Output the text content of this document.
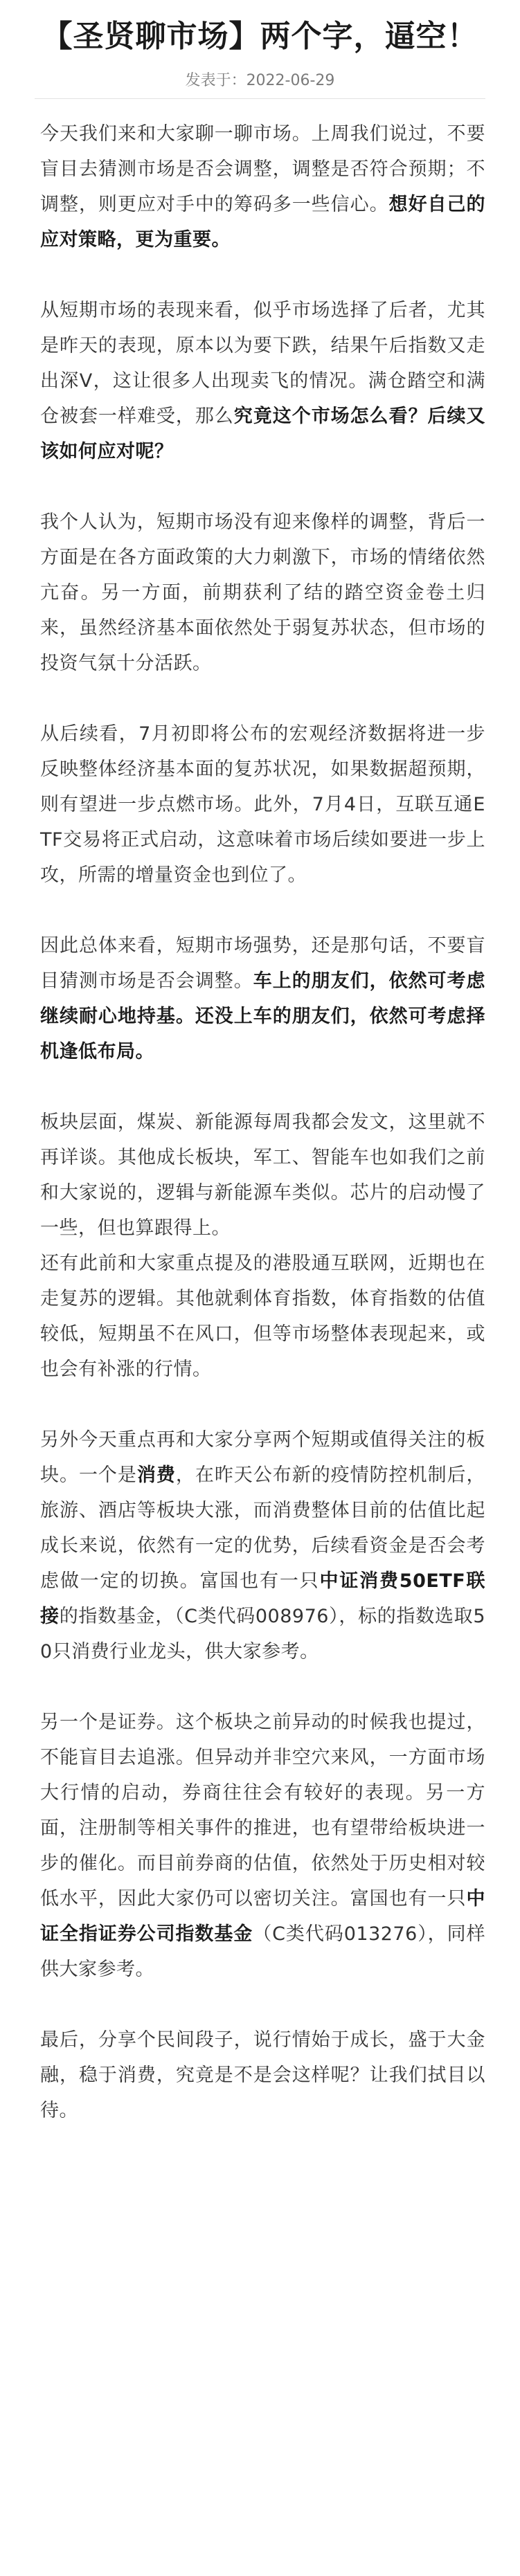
【圣贤聊市场】两个字，逼空！
发表于：2022-06-29

今天我们来和大家聊一聊市场。上周我们说过，不要盲目去猜测市场是否会调整，调整是否符合预期；不调整，则更应对手中的筹码多一些信心。想好自己的应对策略，更为重要。

从短期市场的表现来看，似乎市场选择了后者，尤其是昨天的表现，原本以为要下跌，结果午后指数又走出深V，这让很多人出现卖飞的情况。满仓踏空和满仓被套一样难受，那么究竟这个市场怎么看？后续又该如何应对呢？

我个人认为，短期市场没有迎来像样的调整，背后一方面是在各方面政策的大力刺激下，市场的情绪依然亢奋。另一方面，前期获利了结的踏空资金卷土归来，虽然经济基本面依然处于弱复苏状态，但市场的投资气氛十分活跃。

从后续看，7月初即将公布的宏观经济数据将进一步反映整体经济基本面的复苏状况，如果数据超预期，则有望进一步点燃市场。此外，7月4日，互联互通ETF交易将正式启动，这意味着市场后续如要进一步上攻，所需的增量资金也到位了。

因此总体来看，短期市场强势，还是那句话，不要盲目猜测市场是否会调整。车上的朋友们，依然可考虑继续耐心地持基。还没上车的朋友们，依然可考虑择机逢低布局。

板块层面，煤炭、新能源每周我都会发文，这里就不再详谈。其他成长板块，军工、智能车也如我们之前和大家说的，逻辑与新能源车类似。芯片的启动慢了一些，但也算跟得上。

还有此前和大家重点提及的港股通互联网，近期也在走复苏的逻辑。其他就剩体育指数，体育指数的估值较低，短期虽不在风口，但等市场整体表现起来，或也会有补涨的行情。

另外今天重点再和大家分享两个短期或值得关注的板块。一个是消费，在昨天公布新的疫情防控机制后，旅游、酒店等板块大涨，而消费整体目前的估值比起成长来说，依然有一定的优势，后续看资金是否会考虑做一定的切换。富国也有一只中证消费50ETF联接的指数基金，（C类代码008976），标的指数选取50只消费行业龙头，供大家参考。

另一个是证券。这个板块之前异动的时候我也提过，不能盲目去追涨。但异动并非空穴来风，一方面市场大行情的启动，券商往往会有较好的表现。另一方面，注册制等相关事件的推进，也有望带给板块进一步的催化。而目前券商的估值，依然处于历史相对较低水平，因此大家仍可以密切关注。富国也有一只中证全指证券公司指数基金（C类代码013276），同样供大家参考。

最后，分享个民间段子，说行情始于成长，盛于大金融，稳于消费，究竟是不是会这样呢？让我们拭目以待。
